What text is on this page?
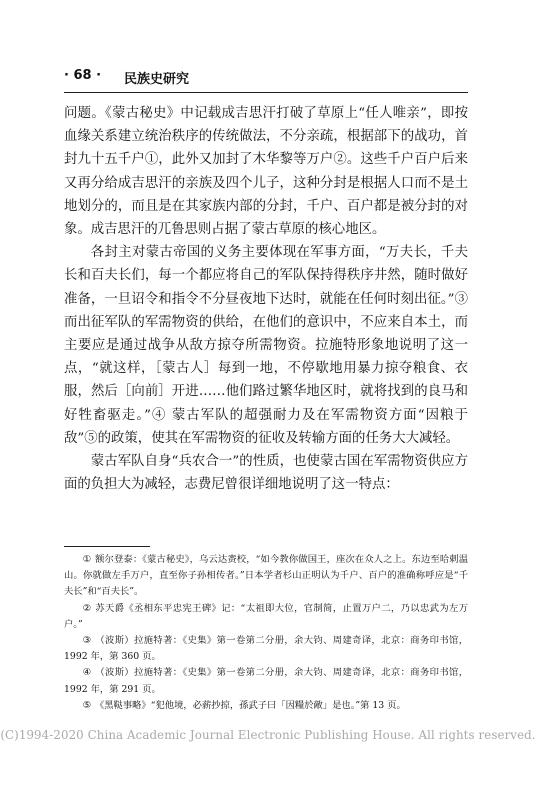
· 68 · 民族史研究

问题。《蒙古秘史》中记载成吉思汗打破了草原上“任人唯亲”，即按血缘关系建立统治秩序的传统做法，不分亲疏，根据部下的战功，首封九十五千户①，此外又加封了木华黎等万户②。这些千户百户后来又再分给成吉思汗的亲族及四个儿子，这种分封是根据人口而不是土地划分的，而且是在其家族内部的分封，千户、百户都是被分封的对象。成吉思汗的兀鲁思则占据了蒙古草原的核心地区。

各封主对蒙古帝国的义务主要体现在军事方面，“万夫长，千夫长和百夫长们，每一个都应将自己的军队保持得秩序井然，随时做好准备，一旦诏令和指令不分昼夜地下达时，就能在任何时刻出征。”③ 而出征军队的军需物资的供给，在他们的意识中，不应来自本土，而主要应是通过战争从敌方掠夺所需物资。拉施特形象地说明了这一点，“就这样，［蒙古人］每到一地，不停歇地用暴力掠夺粮食、衣服，然后［向前］开进……他们路过繁华地区时，就将找到的良马和好牲畜驱走。”④ 蒙古军队的超强耐力及在军需物资方面“因粮于敌”⑤的政策，使其在军需物资的征收及转输方面的任务大大减轻。

蒙古军队自身“兵农合一”的性质，也使蒙古国在军需物资供应方面的负担大为减轻，志费尼曾很详细地说明了这一特点：

① 额尔登泰：《蒙古秘史》，乌云达赉校，“如今教你做国王，座次在众人之上。东边至哈剌温山。你就做左手万户，直至你子孙相传者。”日本学者杉山正明认为千户、百户的准确称呼应是“千夫长”和“百夫长”。

② 苏天爵《丞相东平忠宪王碑》记：“太祖即大位，官制简，止置万户二，乃以忠武为左万户。”

③ （波斯）拉施特著：《史集》第一卷第二分册，余大钧、周建奇译，北京：商务印书馆，1992 年，第 360 页。

④ （波斯）拉施特著：《史集》第一卷第二分册，余大钧、周建奇译，北京：商务印书馆，1992 年，第 291 页。

⑤ 《黑鞑事略》“犯他境，必薪抄掠，孫武子曰「因糧於敵」是也。”第 13 页。

(C)1994-2020 China Academic Journal Electronic Publishing House. All rights reserved.
